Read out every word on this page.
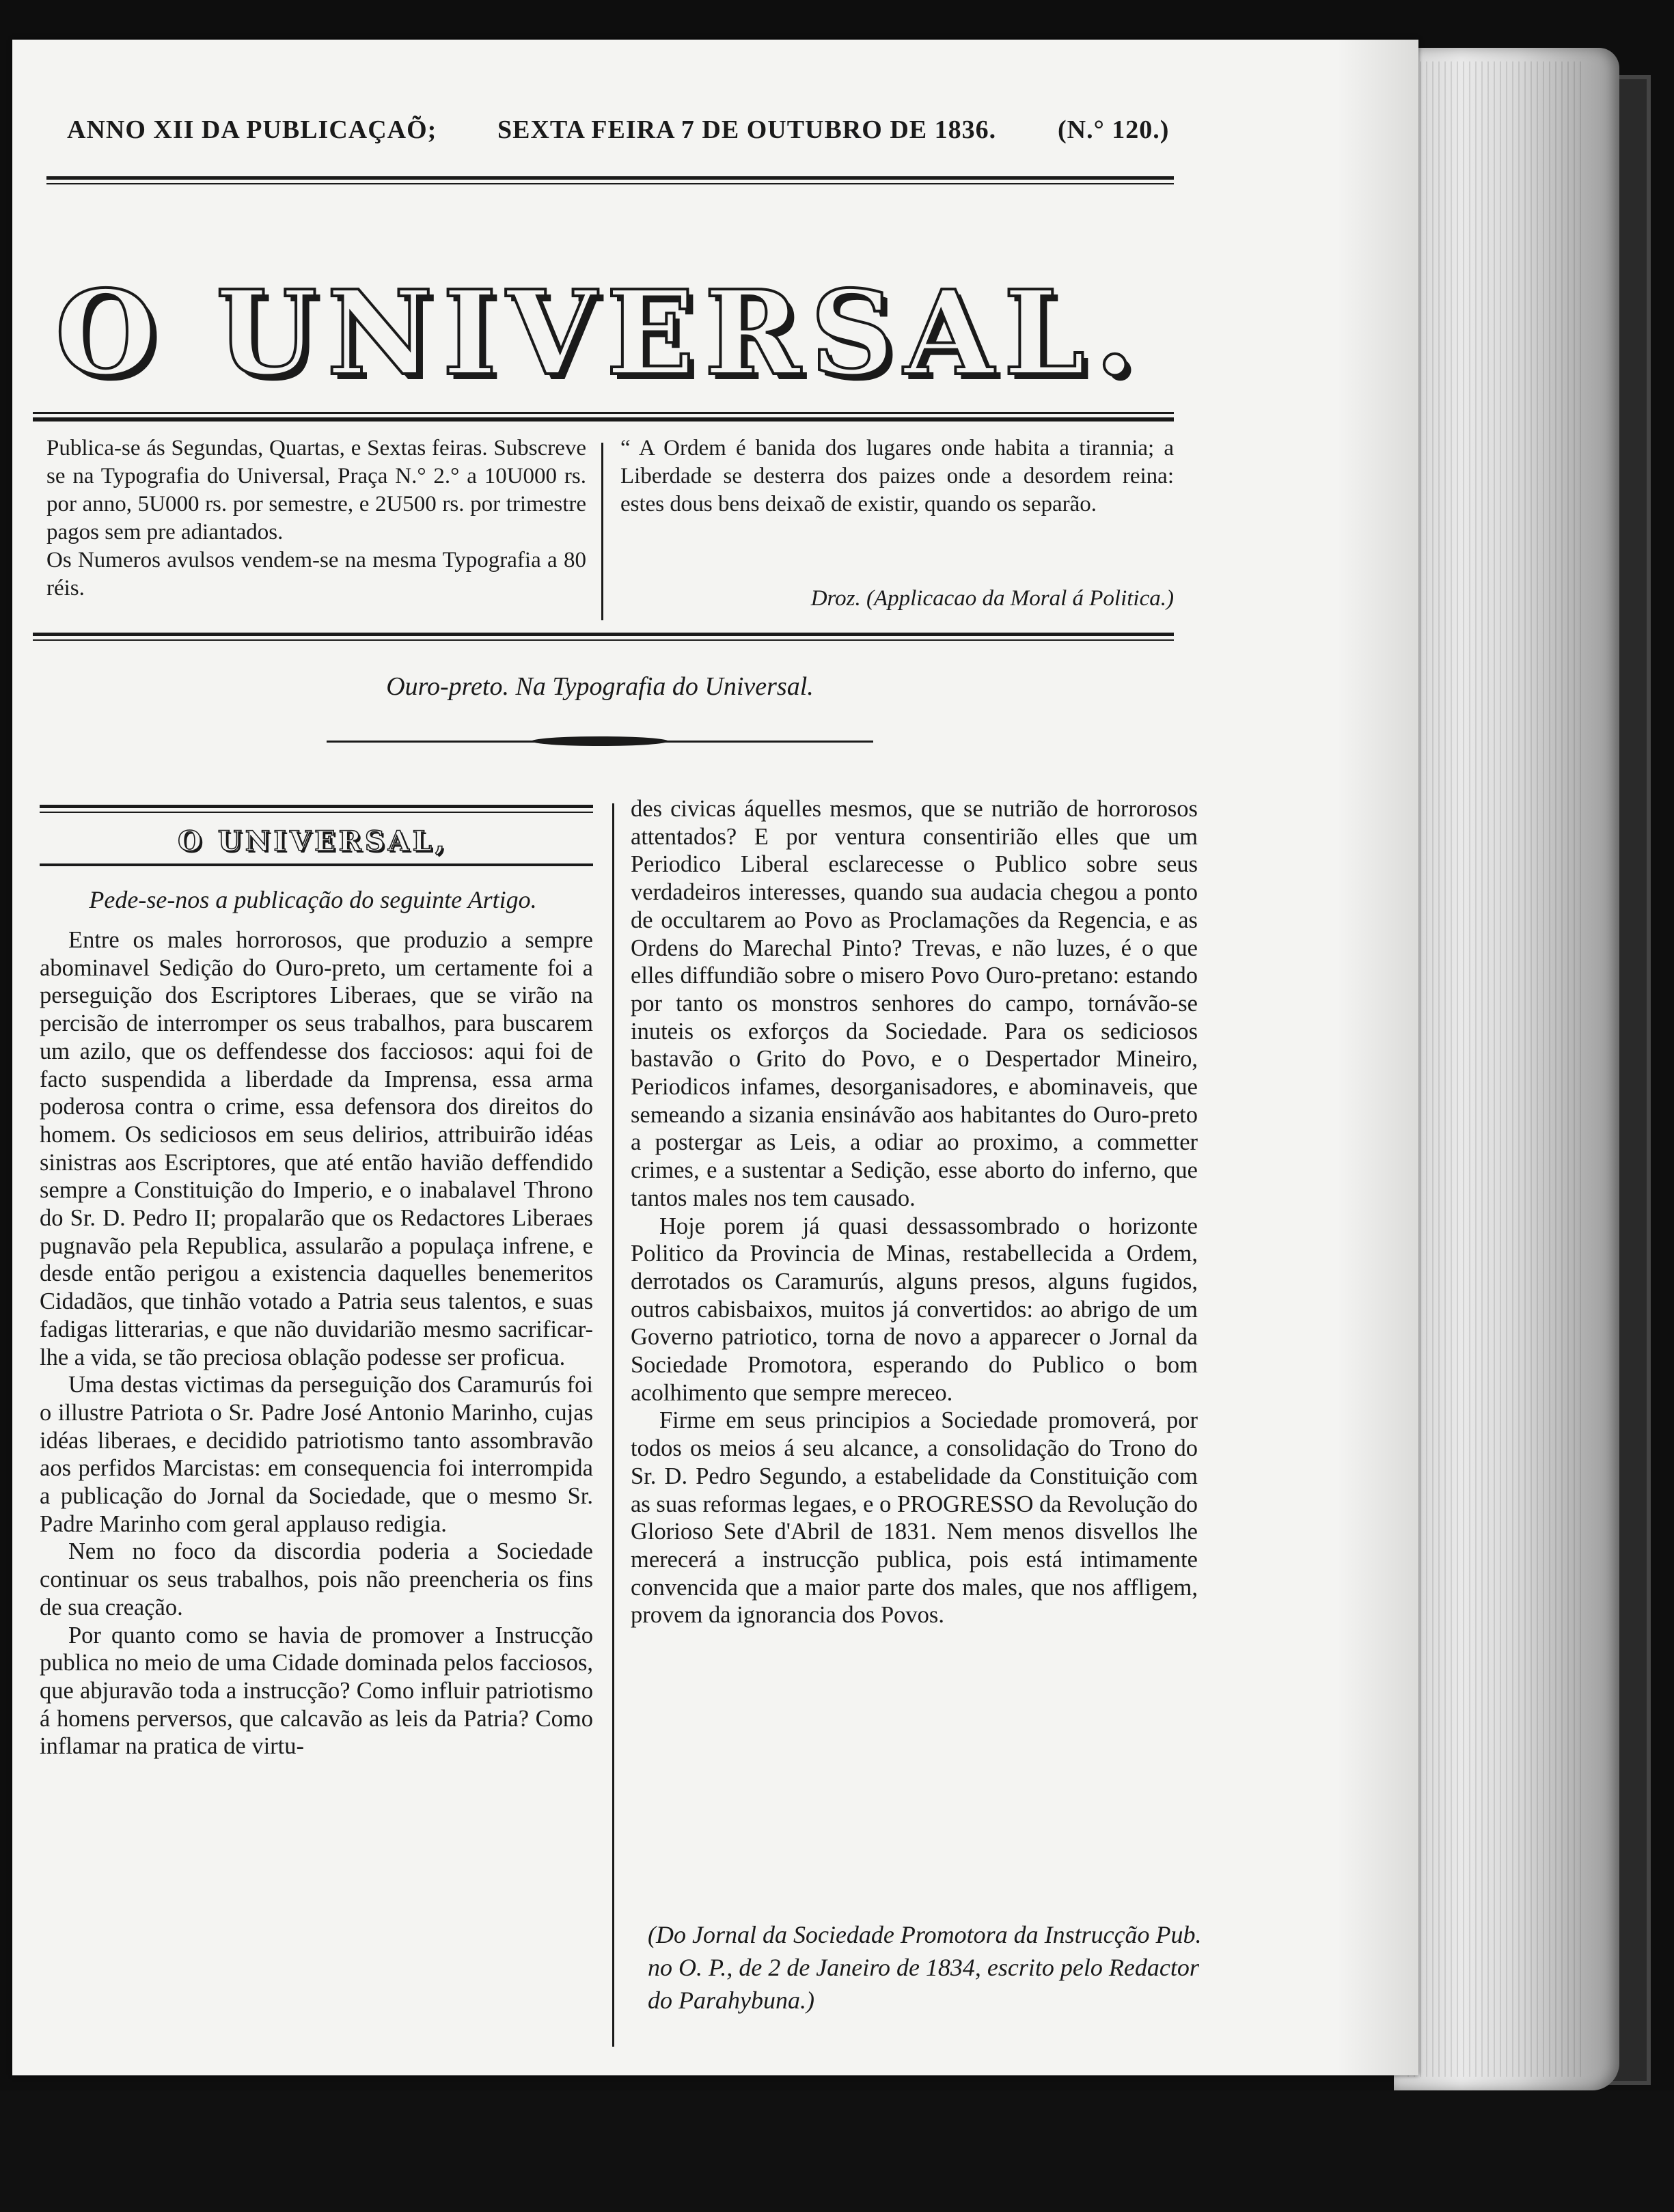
ANNO XII DA PUBLICAÇAÕ; SEXTA FEIRA 7 DE OUTUBRO DE 1836. (N.° 120.)
O UNIVERSAL.

Publica-se ás Segundas, Quartas, e Sextas feiras. Subscreve se na Typografia do Universal, Praça N.° 2.° a 10U000 rs. por anno, 5U000 rs. por semestre, e 2U500 rs. por trimestre pagos sem pre adiantados.

Os Numeros avulsos vendem-se na mesma Typografia a 80 réis.

“ A Ordem é banida dos lugares onde habita a tirannia; a Liberdade se desterra dos paizes onde a desordem reina: estes dous bens deixaõ de existir, quando os separão.

Droz. (Applicacao da Moral á Politica.)
Ouro-preto. Na Typografia do Universal.
O UNIVERSAL,
Pede-se-nos a publicação do seguinte Artigo.

Entre os males horrorosos, que produzio a sempre abominavel Sedição do Ouro-preto, um certamente foi a perseguição dos Escriptores Liberaes, que se virão na percisão de interromper os seus trabalhos, para buscarem um azilo, que os deffendesse dos facciosos: aqui foi de facto suspendida a liberdade da Imprensa, essa arma poderosa contra o crime, essa defensora dos direitos do homem. Os sediciosos em seus delirios, attribuirão idéas sinistras aos Escriptores, que até então havião deffendido sempre a Constituição do Imperio, e o inabalavel Throno do Sr. D. Pedro II; propalarão que os Redactores Liberaes pugnavão pela Republica, assularão a populaça infrene, e desde então perigou a existencia daquelles benemeritos Cidadãos, que tinhão votado a Patria seus talentos, e suas fadigas litterarias, e que não duvidarião mesmo sacrificar-lhe a vida, se tão preciosa oblação podesse ser proficua.

Uma destas victimas da perseguição dos Caramurús foi o illustre Patriota o Sr. Padre José Antonio Marinho, cujas idéas liberaes, e decidido patriotismo tanto assombravão aos perfidos Marcistas: em consequencia foi interrompida a publicação do Jornal da Sociedade, que o mesmo Sr. Padre Marinho com geral applauso redigia.

Nem no foco da discordia poderia a Sociedade continuar os seus trabalhos, pois não preencheria os fins de sua creação.

Por quanto como se havia de promover a Instrucção publica no meio de uma Cidade dominada pelos facciosos, que abjuravão toda a instrucção? Como influir patriotismo á homens perversos, que calcavão as leis da Patria? Como inflamar na pratica de virtu-

des civicas áquelles mesmos, que se nutrião de horrorosos attentados? E por ventura consentirião elles que um Periodico Liberal esclarecesse o Publico sobre seus verdadeiros interesses, quando sua audacia chegou a ponto de occultarem ao Povo as Proclamações da Regencia, e as Ordens do Marechal Pinto? Trevas, e não luzes, é o que elles diffundião sobre o misero Povo Ouro-pretano: estando por tanto os monstros senhores do campo, tornávão-se inuteis os exforços da Sociedade. Para os sediciosos bastavão o Grito do Povo, e o Despertador Mineiro, Periodicos infames, desorganisadores, e abominaveis, que semeando a sizania ensinávão aos habitantes do Ouro-preto a postergar as Leis, a odiar ao proximo, a commetter crimes, e a sustentar a Sedição, esse aborto do inferno, que tantos males nos tem causado.

Hoje porem já quasi dessassombrado o horizonte Politico da Provincia de Minas, restabellecida a Ordem, derrotados os Caramurús, alguns presos, alguns fugidos, outros cabisbaixos, muitos já convertidos: ao abrigo de um Governo patriotico, torna de novo a apparecer o Jornal da Sociedade Promotora, esperando do Publico o bom acolhimento que sempre mereceo.

Firme em seus principios a Sociedade promoverá, por todos os meios á seu alcance, a consolidação do Trono do Sr. D. Pedro Segundo, a estabelidade da Constituição com as suas reformas legaes, e o PROGRESSO da Revolução do Glorioso Sete d'Abril de 1831. Nem menos disvellos lhe merecerá a instrucção publica, pois está intimamente convencida que a maior parte dos males, que nos affligem, provem da ignorancia dos Povos.

(Do Jornal da Sociedade Promotora da Instrucção Pub. no O. P., de 2 de Janeiro de 1834, escrito pelo Redactor do Parahybuna.)
